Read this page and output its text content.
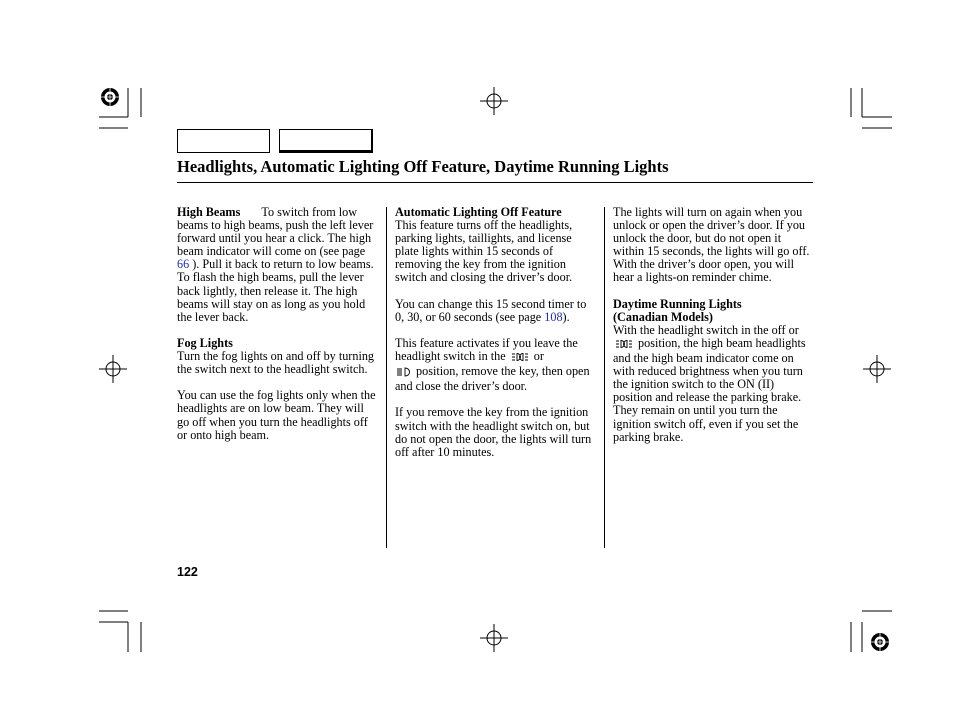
Headlights, Automatic Lighting Off Feature, Daytime Running Lights

High Beams To switch from low beams to high beams, push the left lever forward until you hear a click. The high beam indicator will come on (see page 66 ). Pull it back to return to low beams. To flash the high beams, pull the lever back lightly, then release it. The high beams will stay on as long as you hold the lever back.

Fog Lights
Turn the fog lights on and off by turning the switch next to the headlight switch.

You can use the fog lights only when the headlights are on low beam. They will go off when you turn the headlights off or onto high beam.

Automatic Lighting Off Feature
This feature turns off the headlights, parking lights, taillights, and license plate lights within 15 seconds of removing the key from the ignition switch and closing the driver’s door.

You can change this 15 second timer to 0, 30, or 60 seconds (see page 108).

This feature activates if you leave the headlight switch in the or
position, remove the key, then open and close the driver’s door.

If you remove the key from the ignition switch with the headlight switch on, but do not open the door, the lights will turn off after 10 minutes.

The lights will turn on again when you unlock or open the driver’s door. If you unlock the door, but do not open it within 15 seconds, the lights will go off. With the driver’s door open, you will hear a lights-on reminder chime.

Daytime Running Lights
(Canadian Models)
With the headlight switch in the off or  position, the high beam headlights and the high beam indicator come on with reduced brightness when you turn the ignition switch to the ON (II) position and release the parking brake. They remain on until you turn the ignition switch off, even if you set the parking brake.

122
